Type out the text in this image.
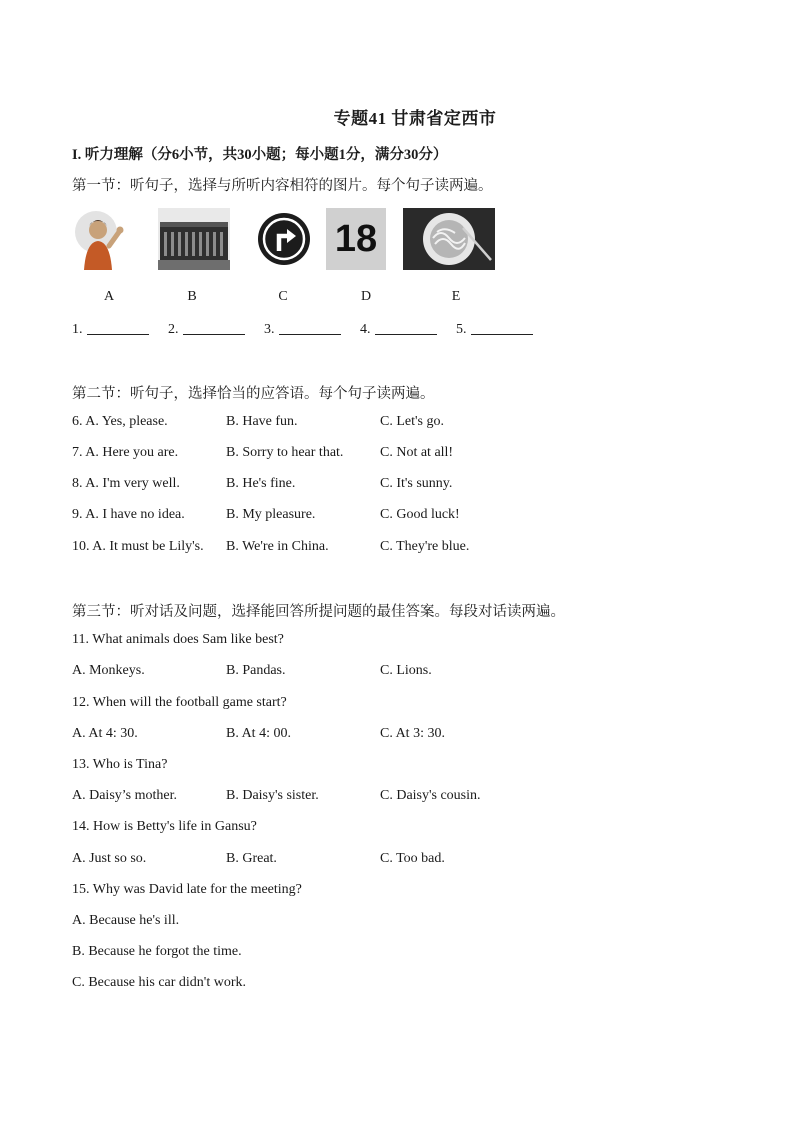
专题41 甘肃省定西市
I. 听力理解（分6小节，共30小题；每小题1分，满分30分）
第一节：听句子，选择与所听内容相符的图片。每个句子读两遍。
18
A	B	C	D	E
1.	2.	3.	4.	5.
第二节：听句子，选择恰当的应答语。每个句子读两遍。
6. A. Yes, please.	B. Have fun.	C. Let's go.
7. A. Here you are.	B. Sorry to hear that.	C. Not at all!
8. A. I'm very well.	B. He's fine.	C. It's sunny.
9. A. I have no idea.	B. My pleasure.	C. Good luck!
10. A. It must be Lily's. B. We're in China.	C. They're blue.
第三节：听对话及问题，选择能回答所提问题的最佳答案。每段对话读两遍。
11. What animals does Sam like best?
A. Monkeys.	B. Pandas.	C. Lions.
12. When will the football game start?
A. At 4: 30.	B. At 4: 00.	C. At 3: 30.
13. Who is Tina?
A. Daisy’s mother.	B. Daisy's sister.	C. Daisy's cousin.
14. How is Betty's life in Gansu?
A. Just so so.	B. Great.	C. Too bad.
15. Why was David late for the meeting?
A. Because he's ill.
B. Because he forgot the time.
C. Because his car didn't work.
